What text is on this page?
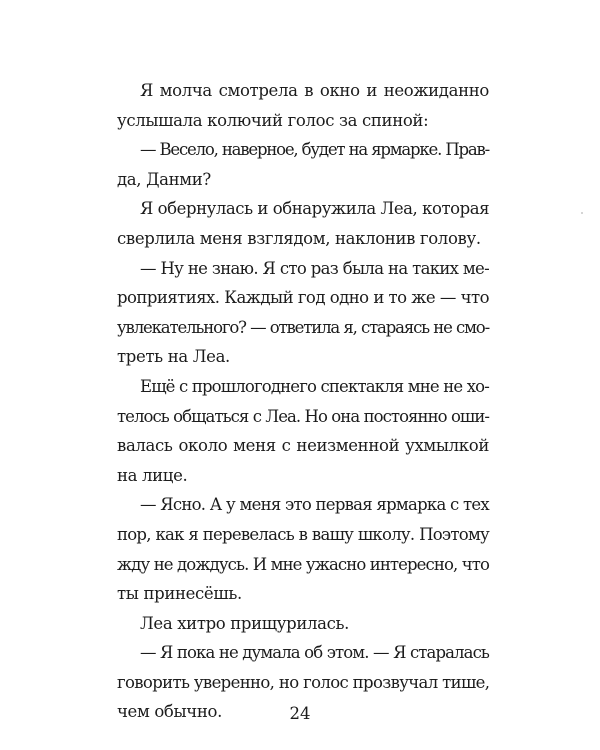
Я молча смотрела в окно и неожиданно
услышала колючий голос за спиной:
— Весело, наверное, будет на ярмарке. Прав-
да, Данми?
Я обернулась и обнаружила Леа, которая
сверлила меня взглядом, наклонив голову.
— Ну не знаю. Я сто раз была на таких ме-
роприятиях. Каждый год одно и то же — что
увлекательного? — ответила я, стараясь не смо-
треть на Леа.
Ещё с прошлогоднего спектакля мне не хо-
телось общаться с Леа. Но она постоянно оши-
валась около меня с неизменной ухмылкой
на лице.
— Ясно. А у меня это первая ярмарка с тех
пор, как я перевелась в вашу школу. Поэтому
жду не дождусь. И мне ужасно интересно, что
ты принесёшь.
Леа хитро прищурилась.
— Я пока не думала об этом. — Я старалась
говорить уверенно, но голос прозвучал тише,
чем обычно.	24
